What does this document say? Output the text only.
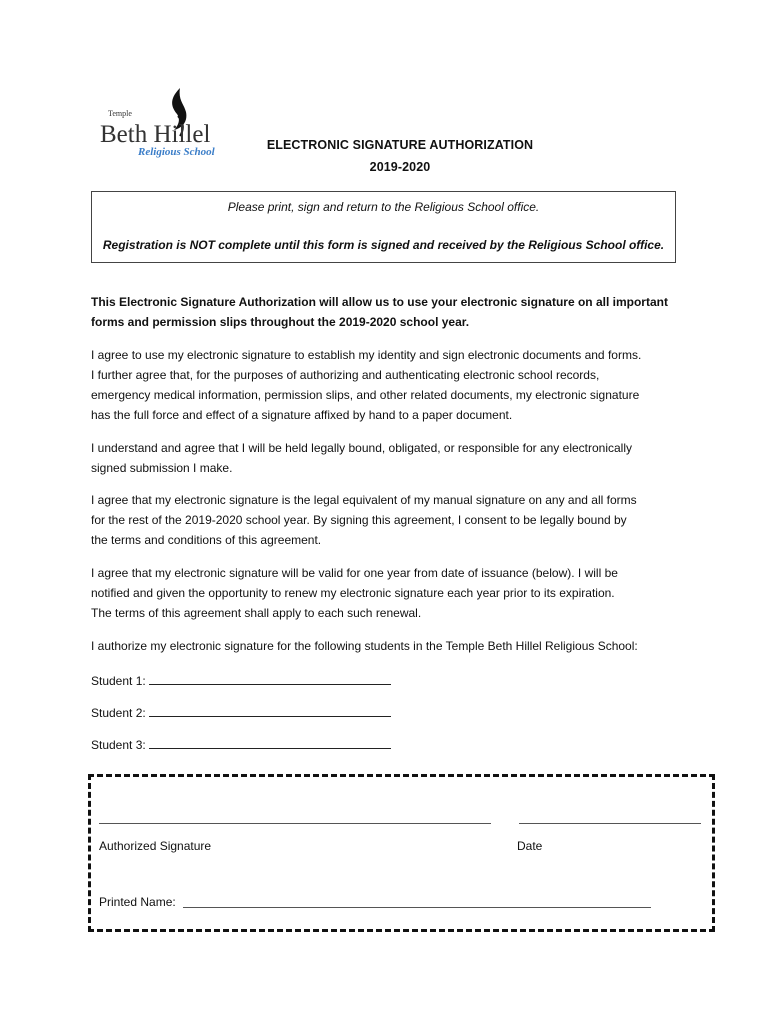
Temple
Beth Hillel
Religious School	ELECTRONIC SIGNATURE AUTHORIZATION
2019-2020
Please print, sign and return to the Religious School office.
Registration is NOT complete until this form is signed and received by the Religious School office.
This Electronic Signature Authorization will allow us to use your electronic signature on all important
forms and permission slips throughout the 2019-2020 school year.
I agree to use my electronic signature to establish my identity and sign electronic documents and forms.
I further agree that, for the purposes of authorizing and authenticating electronic school records,
emergency medical information, permission slips, and other related documents, my electronic signature
has the full force and effect of a signature affixed by hand to a paper document.
I understand and agree that I will be held legally bound, obligated, or responsible for any electronically
signed submission I make.
I agree that my electronic signature is the legal equivalent of my manual signature on any and all forms
for the rest of the 2019-2020 school year. By signing this agreement, I consent to be legally bound by
the terms and conditions of this agreement.
I agree that my electronic signature will be valid for one year from date of issuance (below). I will be
notified and given the opportunity to renew my electronic signature each year prior to its expiration.
The terms of this agreement shall apply to each such renewal.
I authorize my electronic signature for the following students in the Temple Beth Hillel Religious School:
Student 1:
Student 2:
Student 3:
Authorized Signature	Date
Printed Name:
